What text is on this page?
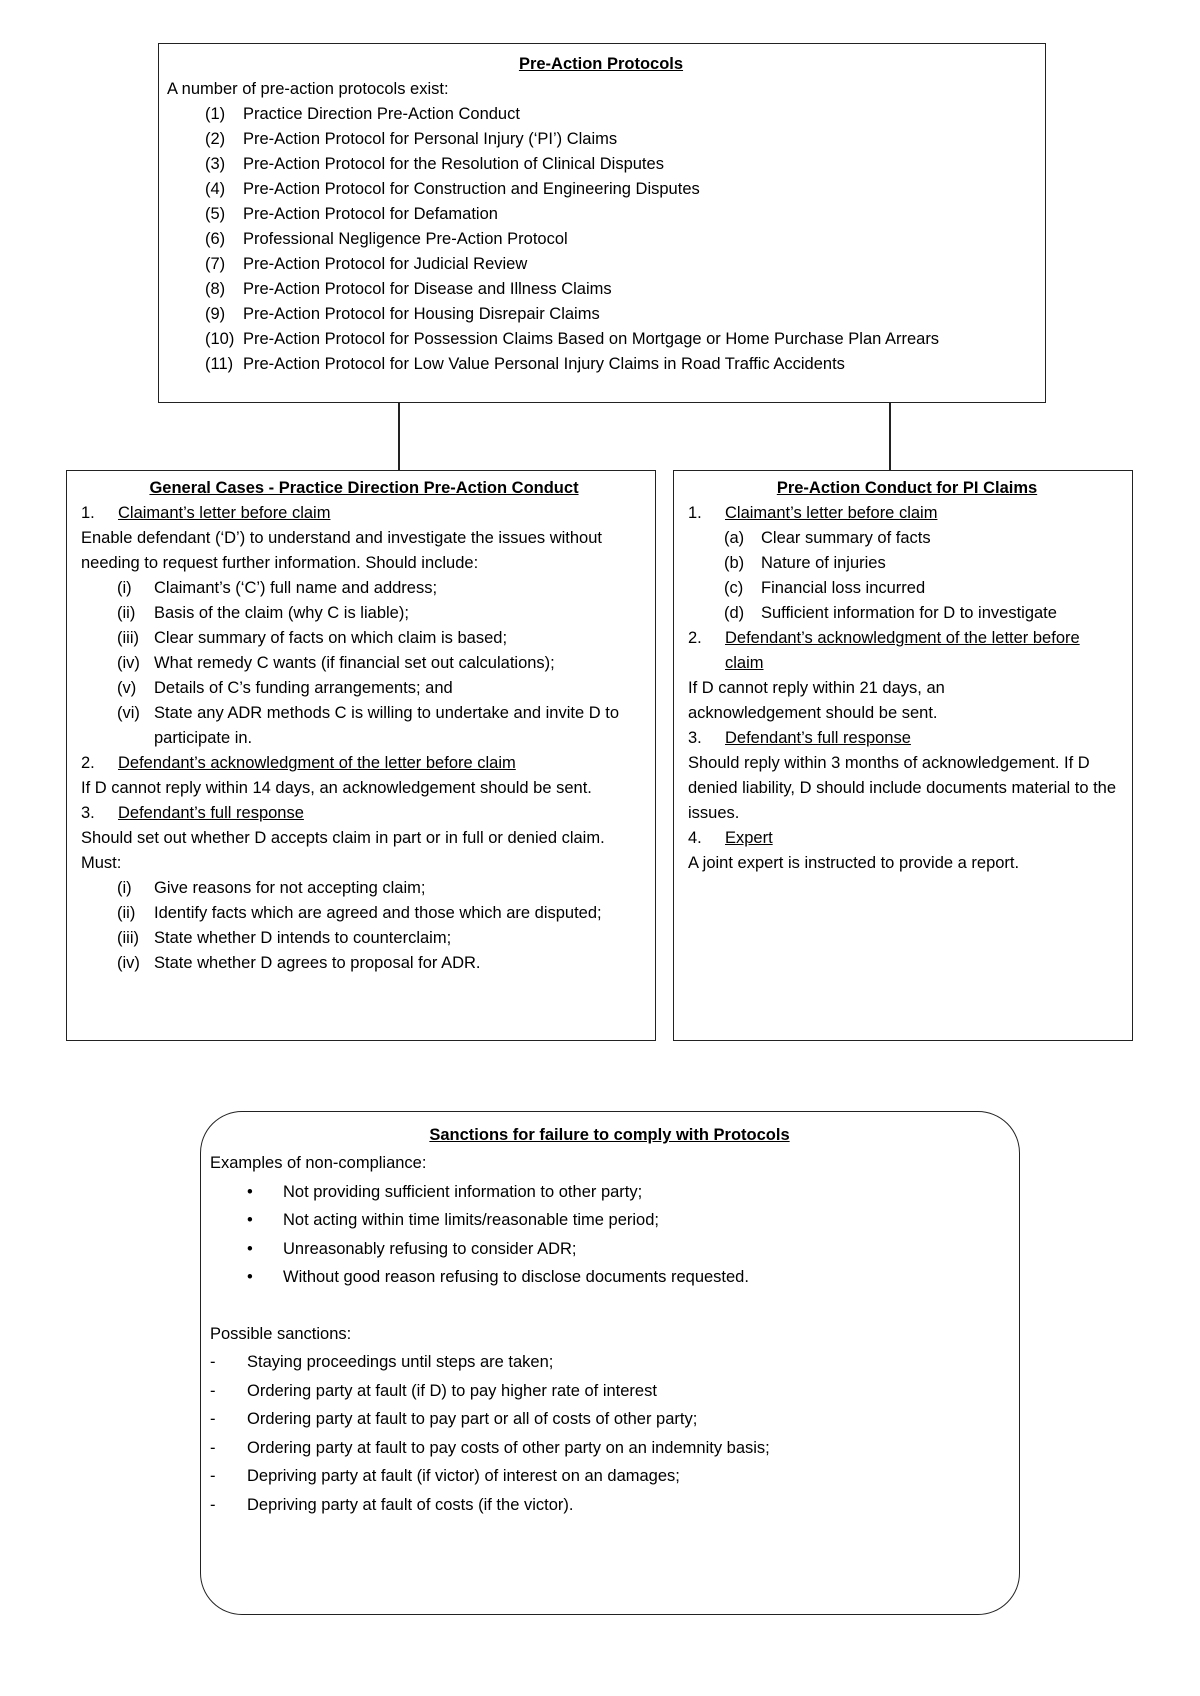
Pre-Action Protocols
A number of pre-action protocols exist:
(1)	Practice Direction Pre-Action Conduct
(2)	Pre-Action Protocol for Personal Injury (‘PI’) Claims
(3)	Pre-Action Protocol for the Resolution of Clinical Disputes
(4)	Pre-Action Protocol for Construction and Engineering Disputes
(5)	Pre-Action Protocol for Defamation
(6)	Professional Negligence Pre-Action Protocol
(7)	Pre-Action Protocol for Judicial Review
(8)	Pre-Action Protocol for Disease and Illness Claims
(9)	Pre-Action Protocol for Housing Disrepair Claims
(10) Pre-Action Protocol for Possession Claims Based on Mortgage or Home Purchase Plan Arrears
(11) Pre-Action Protocol for Low Value Personal Injury Claims in Road Traffic Accidents
General Cases - Practice Direction Pre-Action Conduct
1.	Claimant’s letter before claim
Enable defendant (‘D’) to understand and investigate the issues without needing to request further information. Should include:
(i)	Claimant’s (‘C’) full name and address;
(ii)	Basis of the claim (why C is liable);
(iii) Clear summary of facts on which claim is based;
(iv) What remedy C wants (if financial set out calculations);
(v)	Details of C’s funding arrangements; and
(vi) State any ADR methods C is willing to undertake and invite D to participate in.
2.	Defendant’s acknowledgment of the letter before claim
If D cannot reply within 14 days, an acknowledgement should be sent.
3.	Defendant’s full response
Should set out whether D accepts claim in part or in full or denied claim. Must:
(i)	Give reasons for not accepting claim;
(ii)	Identify facts which are agreed and those which are disputed;
(iii) State whether D intends to counterclaim;
(iv) State whether D agrees to proposal for ADR.
Pre-Action Conduct for PI Claims
1.	Claimant’s letter before claim
(a)	Clear summary of facts
(b)	Nature of injuries
(c)	Financial loss incurred
(d)	Sufficient information for D to investigate
2.	Defendant’s acknowledgment of the letter before claim
If D cannot reply within 21 days, an acknowledgement should be sent.
3.	Defendant’s full response
Should reply within 3 months of acknowledgement. If D denied liability, D should include documents material to the issues.
4.	Expert
A joint expert is instructed to provide a report.
Sanctions for failure to comply with Protocols
Examples of non-compliance:
•	Not providing sufficient information to other party;
•	Not acting within time limits/reasonable time period;
•	Unreasonably refusing to consider ADR;
•	Without good reason refusing to disclose documents requested.
Possible sanctions:
-	Staying proceedings until steps are taken;
-	Ordering party at fault (if D) to pay higher rate of interest
-	Ordering party at fault to pay part or all of costs of other party;
-	Ordering party at fault to pay costs of other party on an indemnity basis;
-	Depriving party at fault (if victor) of interest on an damages;
-	Depriving party at fault of costs (if the victor).
